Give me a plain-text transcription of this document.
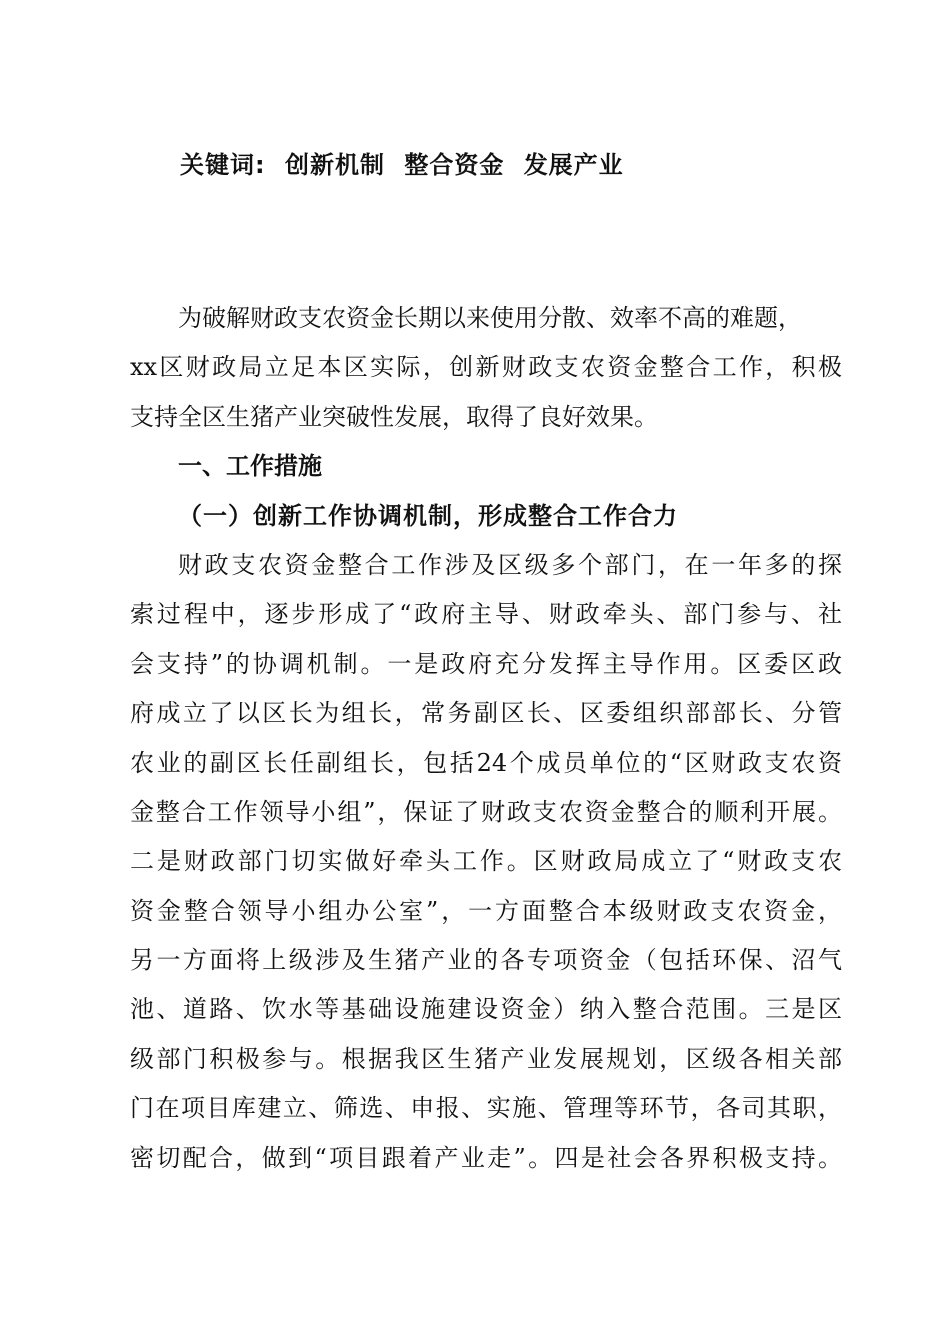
关键词: 创新机制 整合资金 发展产业
为破解财政支农资金长期以来使用分散、效率不高的难题，
xx区财政局立足本区实际，创新财政支农资金整合工作，积极
支持全区生猪产业突破性发展，取得了良好效果。
一、工作措施
（一）创新工作协调机制，形成整合工作合力
财政支农资金整合工作涉及区级多个部门，在一年多的探
索过程中，逐步形成了“政府主导、财政牵头、部门参与、社
会支持”的协调机制。一是政府充分发挥主导作用。区委区政
府成立了以区长为组长，常务副区长、区委组织部部长、分管
农业的副区长任副组长，包括24个成员单位的“区财政支农资
金整合工作领导小组”，保证了财政支农资金整合的顺利开展。
二是财政部门切实做好牵头工作。区财政局成立了“财政支农
资金整合领导小组办公室”，一方面整合本级财政支农资金，
另一方面将上级涉及生猪产业的各专项资金（包括环保、沼气
池、道路、饮水等基础设施建设资金）纳入整合范围。三是区
级部门积极参与。根据我区生猪产业发展规划，区级各相关部
门在项目库建立、筛选、申报、实施、管理等环节，各司其职，
密切配合，做到“项目跟着产业走”。四是社会各界积极支持。
